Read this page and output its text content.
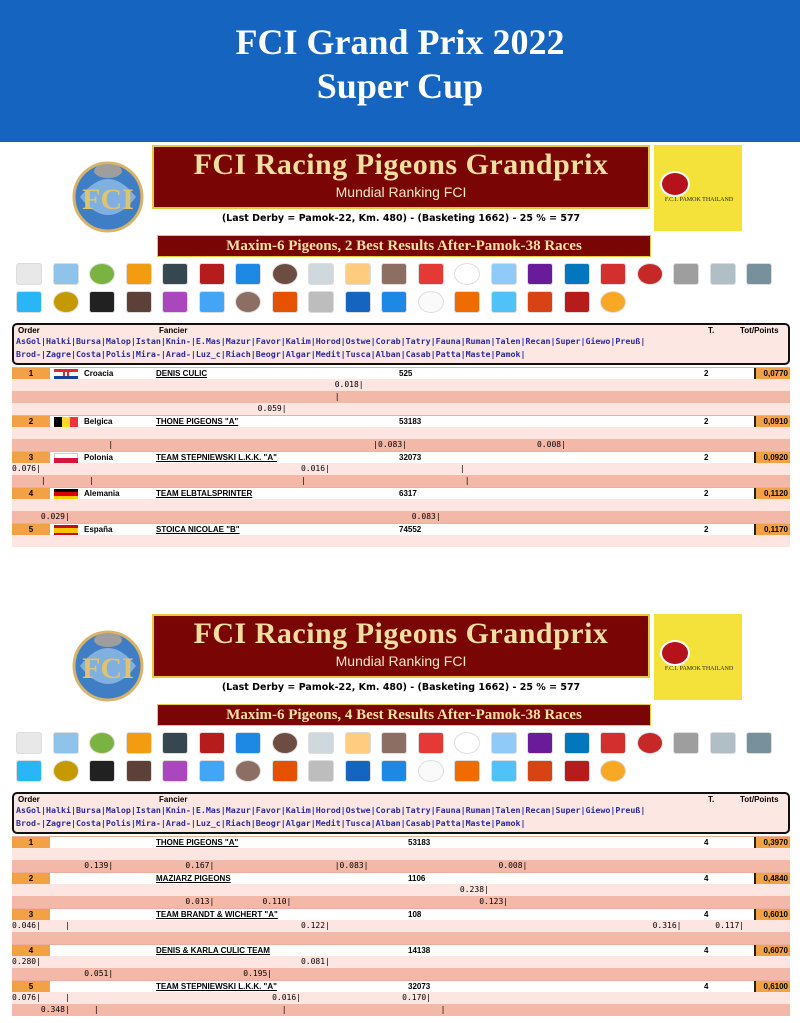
FCI Grand Prix 2022
Super Cup
FCI
FCI Racing Pigeons Grandprix
Mundial Ranking FCI	F.C.I. PAMOK THAILAND
(Last Derby = Pamok-22, Km. 480) - (Basketing 1662) - 25 % = 577
Maxim-6 Pigeons, 2 Best Results After-Pamok-38 Races
Order	Fancier	T.	Tot/Points
AsGol|Halki|Bursa|Malop|Istan|Knin-|E.Mas|Mazur|Favor|Kalim|Horod|Ostwe|Corab|Tatry|Fauna|Ruman|Talen|Recan|Super|Giewo|Preuß|
Brod-|Zagre|Costa|Polis|Mira-|Arad-|Luz_c|Riach|Beogr|Algar|Medit|Tusca|Alban|Casab|Patta|Maste|Pamok|
1	Croacia	DENIS CULIC	525	2	0,0770
0.018|
|
0.059|
2	Belgica	THONE PIGEONS "A"	53183	2	0,0910
|                                                      |0.083|                           0.008|
3	Polonia	TEAM STEPNIEWSKI L.K.K. "A"	32073	2	0,0920
0.076|                                                      0.016|                           |
|         |                                           |                                 |
4	Alemania	TEAM ELBTALSPRINTER	6317	2	0,1120
0.029|                                                                       0.083|
5	España	STOICA NICOLAE "B"	74552	2	0,1170
FCI
FCI Racing Pigeons Grandprix
Mundial Ranking FCI	F.C.I. PAMOK THAILAND
(Last Derby = Pamok-22, Km. 480) - (Basketing 1662) - 25 % = 577
Maxim-6 Pigeons, 4 Best Results After-Pamok-38 Races
Order	Fancier	T.	Tot/Points
AsGol|Halki|Bursa|Malop|Istan|Knin-|E.Mas|Mazur|Favor|Kalim|Horod|Ostwe|Corab|Tatry|Fauna|Ruman|Talen|Recan|Super|Giewo|Preuß|
Brod-|Zagre|Costa|Polis|Mira-|Arad-|Luz_c|Riach|Beogr|Algar|Medit|Tusca|Alban|Casab|Patta|Maste|Pamok|
1	THONE PIGEONS "A"	53183	4	0,3970
0.139|               0.167|                         |0.083|                           0.008|
2	MAZIARZ PIGEONS	1106	4	0,4840
0.238|
0.013|          0.110|                                       0.123|
3	TEAM BRANDT & WICHERT "A"	108	4	0,6010
0.046|     |                                                0.122|                                                                   0.316|       0.117|
4	DENIS & KARLA CULIC TEAM	14138	4	0,6070
0.280|                                                      0.081|
0.051|                           0.195|
5	TEAM STEPNIEWSKI L.K.K. "A"	32073	4	0,6100
0.076|     |                                          0.016|                     0.170|
0.348|     |                                      |                                |
